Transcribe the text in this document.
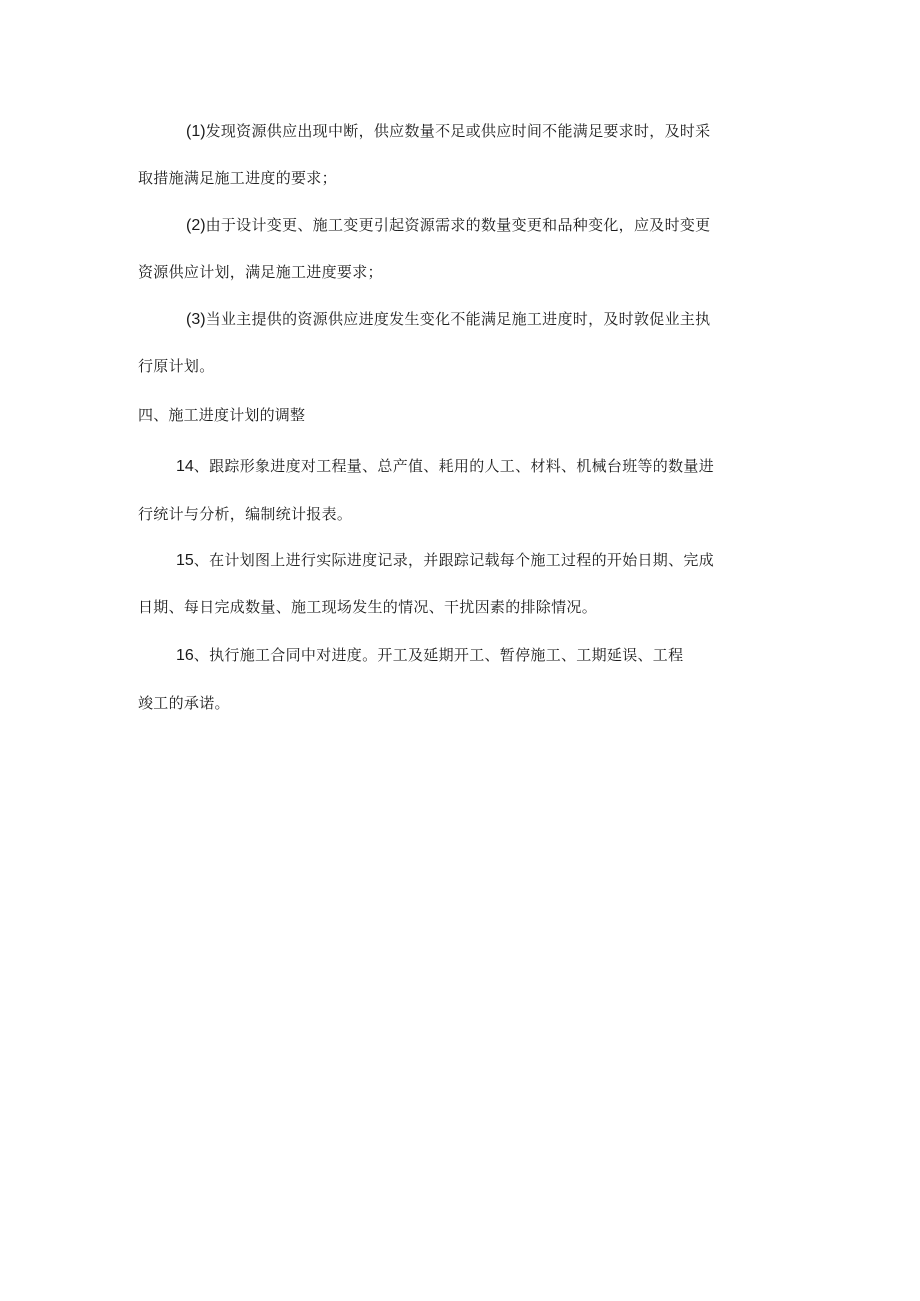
(1)发现资源供应出现中断，供应数量不足或供应时间不能满足要求时，及时采
取措施满足施工进度的要求；
(2)由于设计变更、施工变更引起资源需求的数量变更和品种变化，应及时变更
资源供应计划，满足施工进度要求；
(3)当业主提供的资源供应进度发生变化不能满足施工进度时，及时敦促业主执
行原计划。
四、施工进度计划的调整
14、跟踪形象进度对工程量、总产值、耗用的人工、材料、机械台班等的数量进
行统计与分析，编制统计报表。
15、在计划图上进行实际进度记录，并跟踪记载每个施工过程的开始日期、完成
日期、每日完成数量、施工现场发生的情况、干扰因素的排除情况。
16、执行施工合同中对进度。开工及延期开工、暂停施工、工期延误、工程
竣工的承诺。
